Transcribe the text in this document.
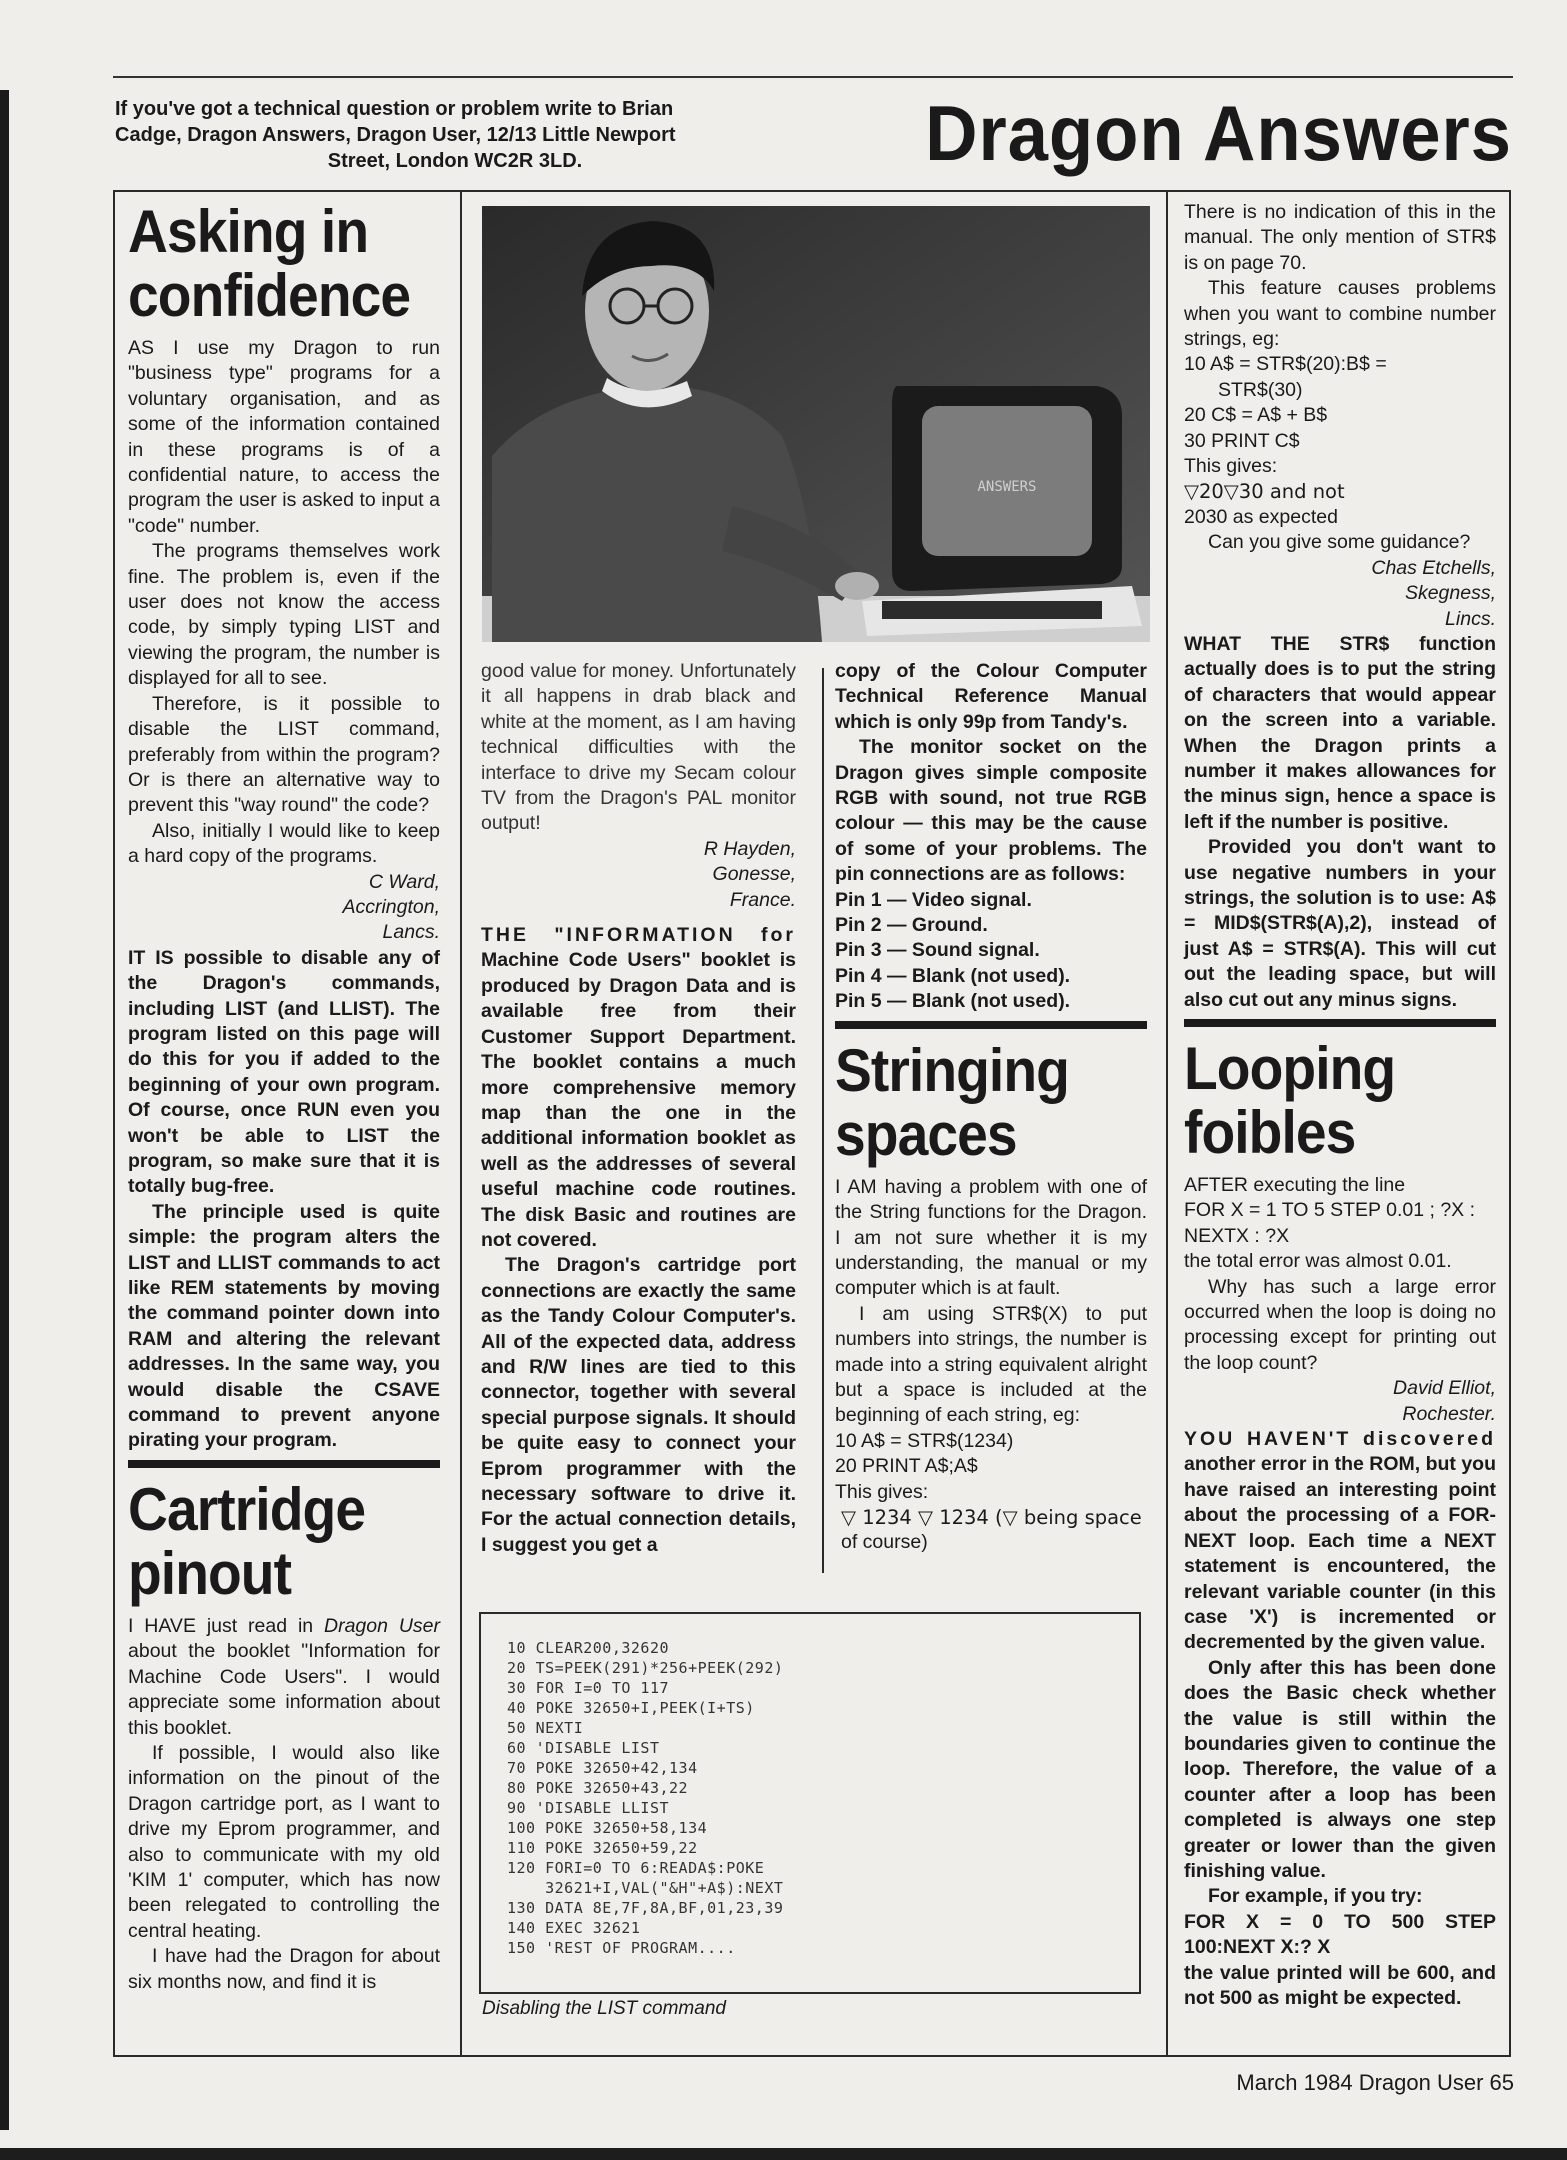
If you've got a technical question or problem write to Brian
Cadge, Dragon Answers, Dragon User, 12/13 Little Newport
Street, London WC2R 3LD.	Dragon Answers
Asking in confidence

AS I use my Dragon to run "business type" programs for a voluntary organisation, and as some of the information contained in these programs is of a confidential nature, to access the program the user is asked to input a "code" number.

The programs themselves work fine. The problem is, even if the user does not know the access code, by simply typing LIST and viewing the program, the number is displayed for all to see.

Therefore, is it possible to disable the LIST command, preferably from within the program? Or is there an alternative way to prevent this "way round" the code?

Also, initially I would like to keep a hard copy of the programs.

C Ward,

Accrington,

Lancs.

IT IS possible to disable any of the Dragon's commands, including LIST (and LLIST). The program listed on this page will do this for you if added to the beginning of your own program. Of course, once RUN even you won't be able to LIST the program, so make sure that it is totally bug-free.

The principle used is quite simple: the program alters the LIST and LLIST commands to act like REM statements by moving the command pointer down into RAM and altering the relevant addresses. In the same way, you would disable the CSAVE command to prevent anyone pirating your program.

Cartridge pinout

I HAVE just read in Dragon User about the booklet "Information for Machine Code Users". I would appreciate some information about this booklet.

If possible, I would also like information on the pinout of the Dragon cartridge port, as I want to drive my Eprom programmer, and also to communicate with my old 'KIM 1' computer, which has now been relegated to controlling the central heating.

I have had the Dragon for about six months now, and find it is

ANSWERS

good value for money. Unfortunately it all happens in drab black and white at the moment, as I am having technical difficulties with the interface to drive my Secam colour TV from the Dragon's PAL monitor output!

R Hayden,

Gonesse,

France.

THE "INFORMATION for Machine Code Users" booklet is produced by Dragon Data and is available free from their Customer Support Department. The booklet contains a much more comprehensive memory map than the one in the additional information booklet as well as the addresses of several useful machine code routines. The disk Basic and routines are not covered.

The Dragon's cartridge port connections are exactly the same as the Tandy Colour Computer's. All of the expected data, address and R/W lines are tied to this connector, together with several special purpose signals. It should be quite easy to connect your Eprom programmer with the necessary software to drive it. For the actual connection details, I suggest you get a

copy of the Colour Computer Technical Reference Manual which is only 99p from Tandy's.

The monitor socket on the Dragon gives simple composite RGB with sound, not true RGB colour — this may be the cause of some of your problems. The pin connections are as follows:

Pin 1 — Video signal.

Pin 2 — Ground.

Pin 3 — Sound signal.

Pin 4 — Blank (not used).

Pin 5 — Blank (not used).

Stringing spaces

I AM having a problem with one of the String functions for the Dragon. I am not sure whether it is my understanding, the manual or my computer which is at fault.

I am using STR$(X) to put numbers into strings, the number is made into a string equivalent alright but a space is included at the beginning of each string, eg:

10 A$ = STR$(1234)

20 PRINT A$;A$

This gives:

▽ 1234 ▽ 1234 (▽ being space

of course)

There is no indication of this in the manual. The only mention of STR$ is on page 70.

This feature causes problems when you want to combine number strings, eg:

10 A$ = STR$(20):B$ =

STR$(30)

20 C$ = A$ + B$

30 PRINT C$

This gives:

▽20▽30 and not

2030 as expected

Can you give some guidance?

Chas Etchells,

Skegness,

Lincs.

WHAT THE STR$ function actually does is to put the string of characters that would appear on the screen into a variable. When the Dragon prints a number it makes allowances for the minus sign, hence a space is left if the number is positive.

Provided you don't want to use negative numbers in your strings, the solution is to use: A$ = MID$(STR$(A),2), instead of just A$ = STR$(A). This will cut out the leading space, but will also cut out any minus signs.

Looping foibles

AFTER executing the line

FOR X = 1 TO 5 STEP 0.01 ; ?X :

NEXTX : ?X

the total error was almost 0.01.

Why has such a large error occurred when the loop is doing no processing except for printing out the loop count?

David Elliot,

Rochester.

YOU HAVEN'T discovered another error in the ROM, but you have raised an interesting point about the processing of a FOR-NEXT loop. Each time a NEXT statement is encountered, the relevant variable counter (in this case 'X') is incremented or decremented by the given value.

Only after this has been done does the Basic check whether the value is still within the boundaries given to continue the loop. Therefore, the value of a counter after a loop has been completed is always one step greater or lower than the given finishing value.

For example, if you try:

FOR X = 0 TO 500 STEP 100:NEXT X:? X

the value printed will be 600, and not 500 as might be expected.

10 CLEAR200,32620
20 TS=PEEK(291)*256+PEEK(292)
30 FOR I=0 TO 117
40 POKE 32650+I,PEEK(I+TS)
50 NEXTI
60 'DISABLE LIST
70 POKE 32650+42,134
80 POKE 32650+43,22
90 'DISABLE LLIST
100 POKE 32650+58,134
110 POKE 32650+59,22
120 FORI=0 TO 6:READA$:POKE
32621+I,VAL("&H"+A$):NEXT
130 DATA 8E,7F,8A,BF,01,23,39
140 EXEC 32621
150 'REST OF PROGRAM....
Disabling the LIST command
March 1984 Dragon User 65
